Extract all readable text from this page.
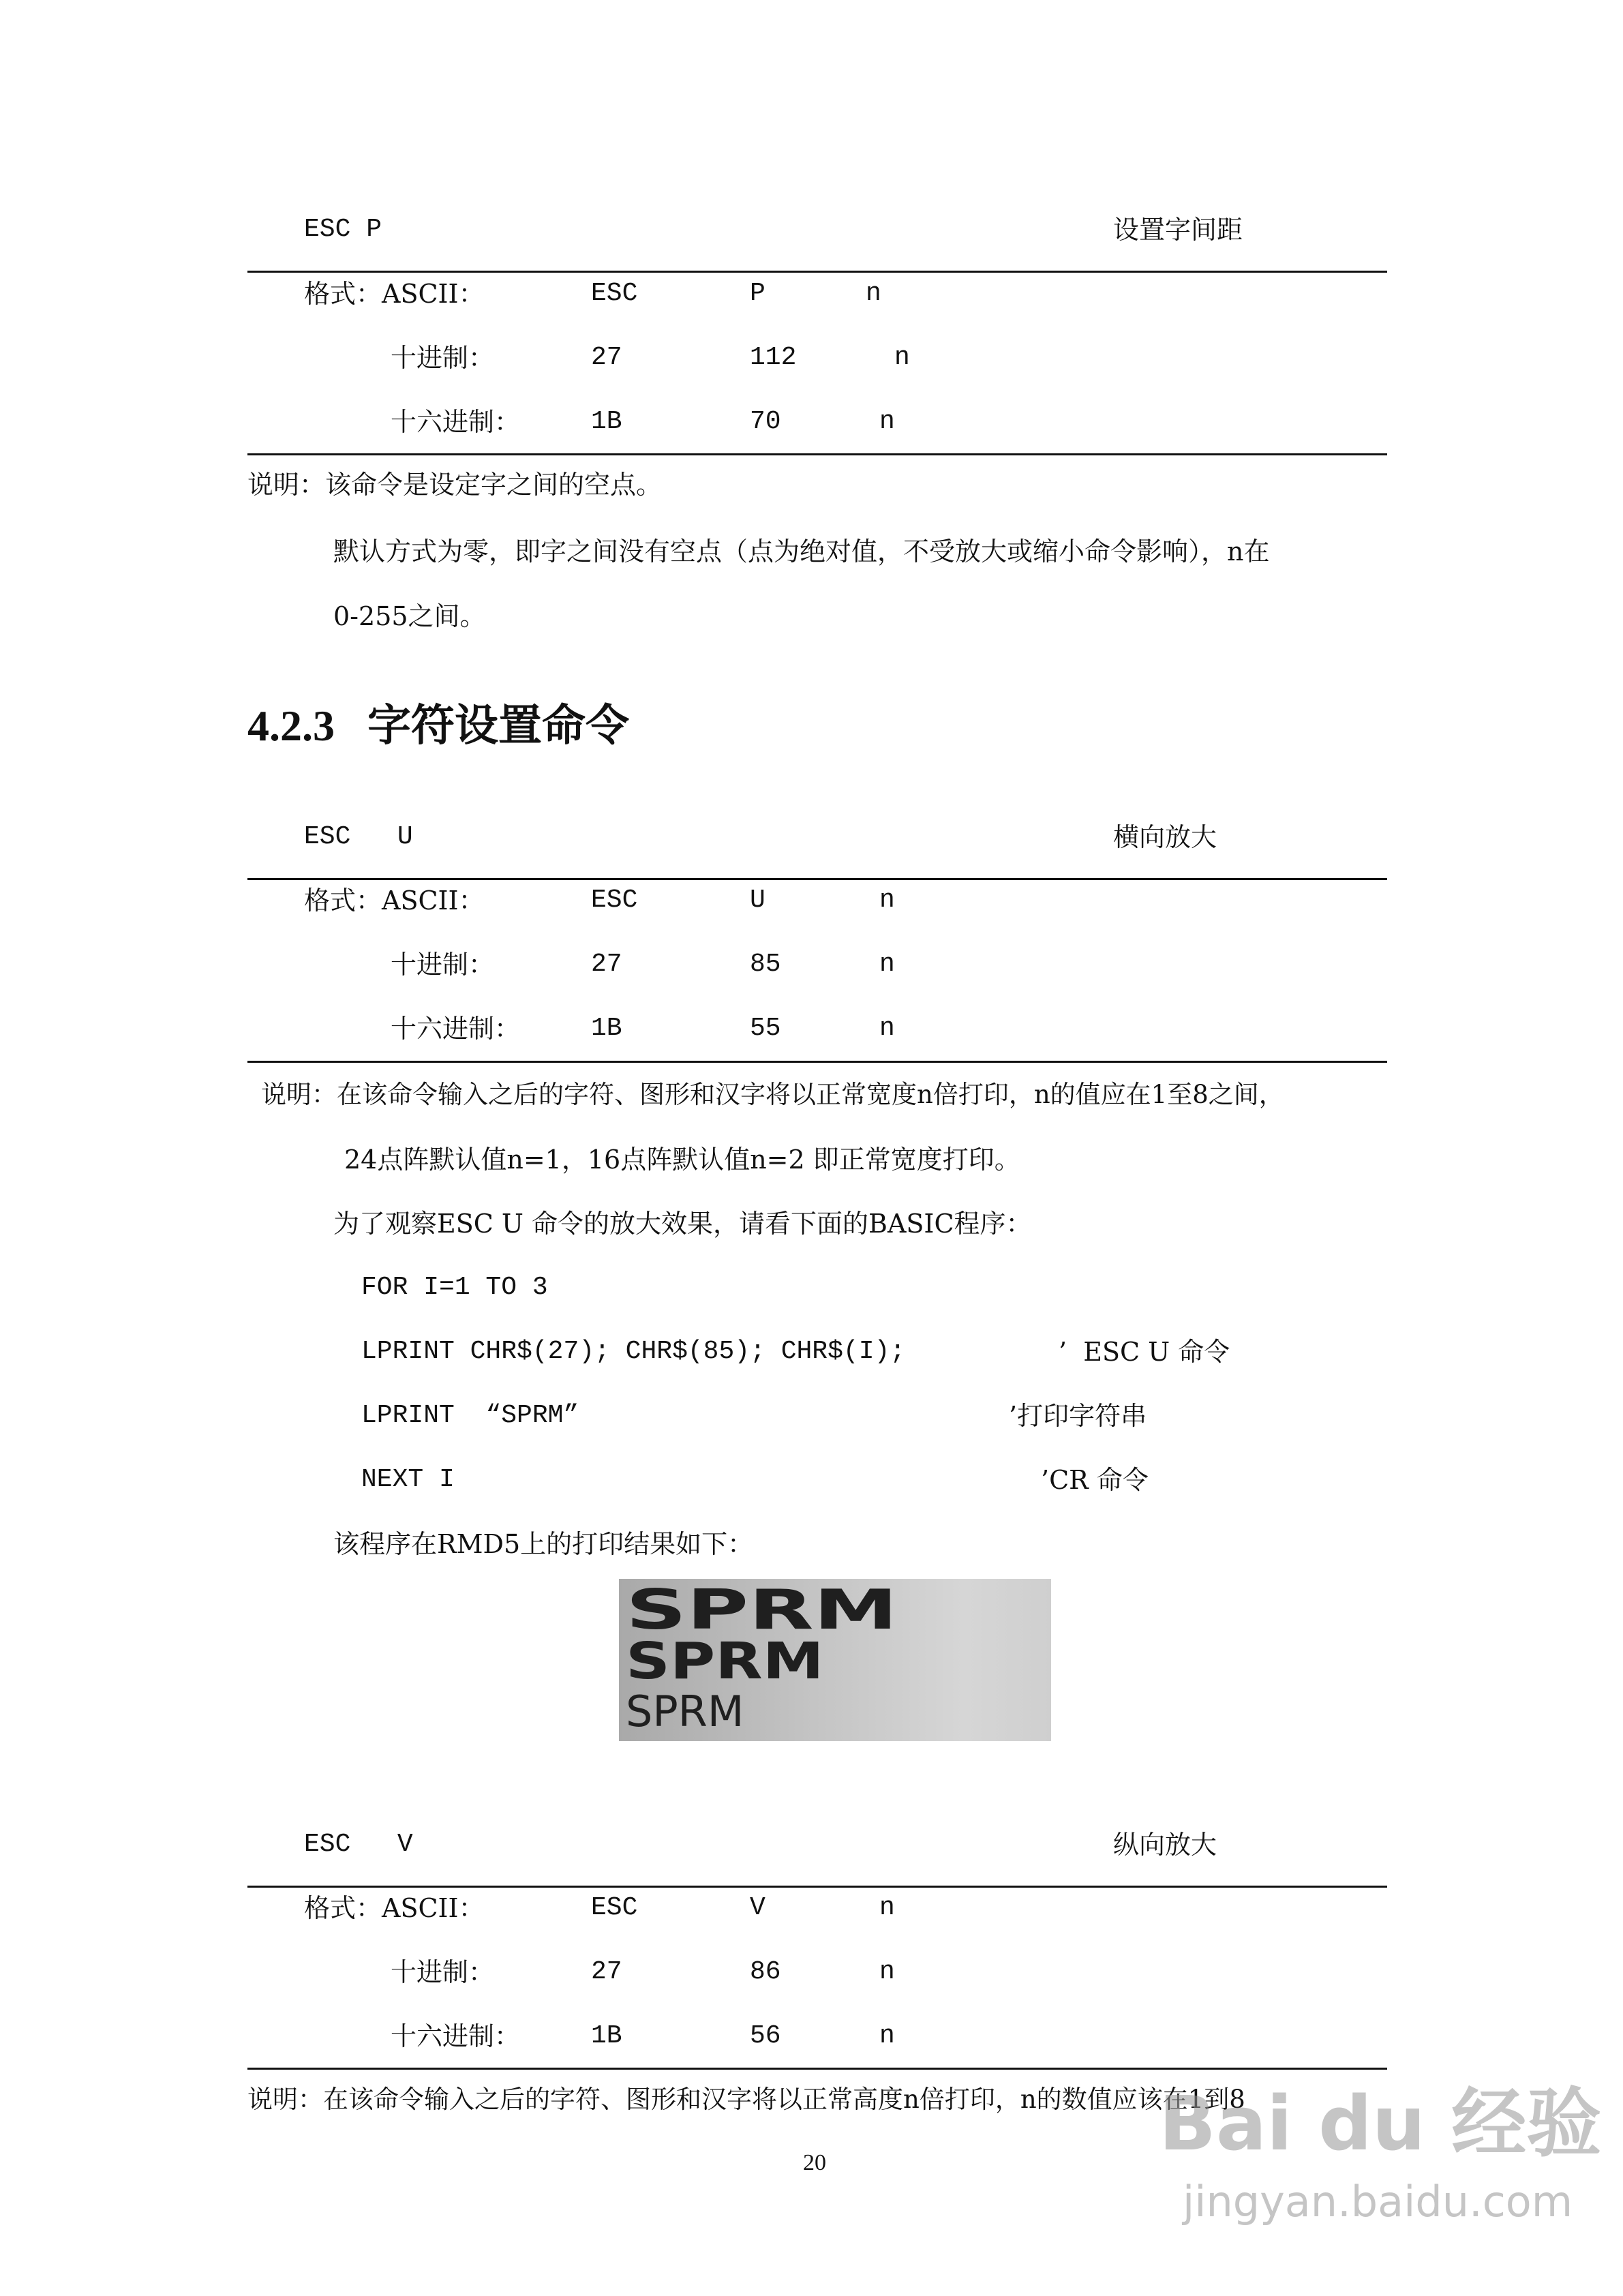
ESC P	设置字间距
格式：ASCII：	ESC	P	n
十进制：	27	112	n
十六进制：	1B	70	n
说明：该命令是设定字之间的空点。
默认方式为零，即字之间没有空点（点为绝对值，不受放大或缩小命令影响），n在
0-255之间。
4.2.3 字符设置命令
ESC   U	横向放大
格式：ASCII：	ESC	U	n
十进制：	27	85	n
十六进制：	1B	55	n
说明：在该命令输入之后的字符、图形和汉字将以正常宽度n倍打印，n的值应在1至8之间，
24点阵默认值n=1，16点阵默认值n=2 即正常宽度打印。
为了观察ESC U 命令的放大效果，请看下面的BASIC程序：
FOR I=1 TO 3
LPRINT CHR$(27); CHR$(85); CHR$(I);	’  ESC U 命令
LPRINT  “SPRM”	’打印字符串
NEXT I	’CR 命令
该程序在RMD5上的打印结果如下：
SPRM
SPRM
SPRM
ESC   V	纵向放大
格式：ASCII：	ESC	V	n
十进制：	27	86	n
十六进制：	1B	56	n
说明：在该命令输入之后的字符、图形和汉字将以正常高度n倍打印，n的数值应该在1到8
20	Bai du 经验
jingyan.baidu.com
